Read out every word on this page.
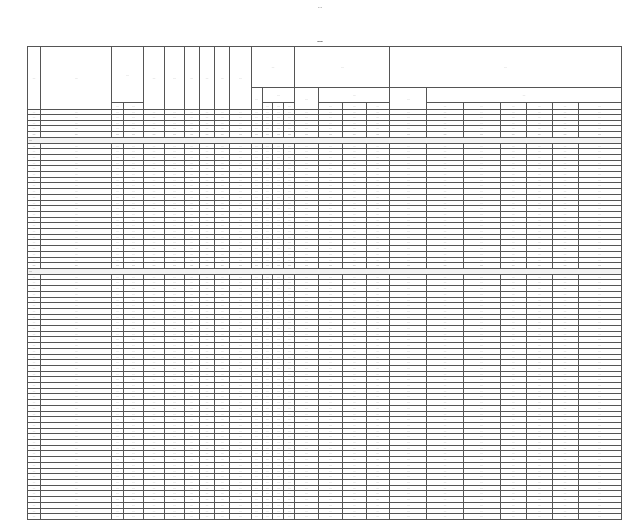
…
…
…	…	…		…	…	…	…	…	…	…				…				…						
										…	…			…	…			…	…					
		…	…								…	…	…		…	…	…		…	…	…	…	…	…
…	…	…	…	…	…	…	…	…	…	…	…	…	…	…	…	…	…	…	…	…	…	…	…	…
…	…	…	…	…	…	…	…	…	…	…	…	…	…	…	…	…	…	…	…	…	…	…	…	…
…	…	…	…	…	…	…	…	…	…	…	…	…	…	…	…	…	…	…	…	…	…	…	…	…
…	…	…	…	…	…	…	…	…	…	…	…	…	…	…	…	…	…	…	…	…	…	…	…	…
…	…	…	…	…	…	…	…	…	…	…	…	…	…	…	…	…	…	…	…	…	…	…	…	…
…																								
…	…	…	…	…	…	…	…	…	…	…	…	…	…	…	…	…	…	…	…	…	…	…	…	…
…	…	…	…	…	…	…	…	…	…	…	…	…	…	…	…	…	…	…	…	…	…	…	…	…
…	…	…	…	…	…	…	…	…	…	…	…	…	…	…	…	…	…	…	…	…	…	…	…	…
…	…	…	…	…	…	…	…	…	…	…	…	…	…	…	…	…	…	…	…	…	…	…	…	…
…	…	…	…	…	…	…	…	…	…	…	…	…	…	…	…	…	…	…	…	…	…	…	…	…
…	…	…	…	…	…	…	…	…	…	…	…	…	…	…	…	…	…	…	…	…	…	…	…	…
…	…	…	…	…	…	…	…	…	…	…	…	…	…	…	…	…	…	…	…	…	…	…	…	…
…	…	…	…	…	…	…	…	…	…	…	…	…	…	…	…	…	…	…	…	…	…	…	…	…
…	…	…	…	…	…	…	…	…	…	…	…	…	…	…	…	…	…	…	…	…	…	…	…	…
…	…	…	…	…	…	…	…	…	…	…	…	…	…	…	…	…	…	…	…	…	…	…	…	…
…	…	…	…	…	…	…	…	…	…	…	…	…	…	…	…	…	…	…	…	…	…	…	…	…
…	…	…	…	…	…	…	…	…	…	…	…	…	…	…	…	…	…	…	…	…	…	…	…	…
…	…	…	…	…	…	…	…	…	…	…	…	…	…	…	…	…	…	…	…	…	…	…	…	…
…	…	…	…	…	…	…	…	…	…	…	…	…	…	…	…	…	…	…	…	…	…	…	…	…
…	…	…	…	…	…	…	…	…	…	…	…	…	…	…	…	…	…	…	…	…	…	…	…	…
…	…	…	…	…	…	…	…	…	…	…	…	…	…	…	…	…	…	…	…	…	…	…	…	…
…	…	…	…	…	…	…	…	…	…	…	…	…	…	…	…	…	…	…	…	…	…	…	…	…
…	…	…	…	…	…	…	…	…	…	…	…	…	…	…	…	…	…	…	…	…	…	…	…	…
…	…	…	…	…	…	…	…	…	…	…	…	…	…	…	…	…	…	…	…	…	…	…	…	…
…	…	…	…	…	…	…	…	…	…	…	…	…	…	…	…	…	…	…	…	…	…	…	…	…
…	…	…	…	…	…	…	…	…	…	…	…	…	…	…	…	…	…	…	…	…	…	…	…	…
…	…	…	…	…	…	…	…	…	…	…	…	…	…	…	…	…	…	…	…	…	…	…	…	…
…																								
…	…	…	…	…	…	…	…	…	…	…	…	…	…	…	…	…	…	…	…	…	…	…	…	…
…	…	…	…	…	…	…	…	…	…	…	…	…	…	…	…	…	…	…	…	…	…	…	…	…
…	…	…	…	…	…	…	…	…	…	…	…	…	…	…	…	…	…	…	…	…	…	…	…	…
…	…	…	…	…	…	…	…	…	…	…	…	…	…	…	…	…	…	…	…	…	…	…	…	…
…	…	…	…	…	…	…	…	…	…	…	…	…	…	…	…	…	…	…	…	…	…	…	…	…
…	…	…	…	…	…	…	…	…	…	…	…	…	…	…	…	…	…	…	…	…	…	…	…	…
…	…	…	…	…	…	…	…	…	…	…	…	…	…	…	…	…	…	…	…	…	…	…	…	…
…	…	…	…	…	…	…	…	…	…	…	…	…	…	…	…	…	…	…	…	…	…	…	…	…
…	…	…	…	…	…	…	…	…	…	…	…	…	…	…	…	…	…	…	…	…	…	…	…	…
…	…	…	…	…	…	…	…	…	…	…	…	…	…	…	…	…	…	…	…	…	…	…	…	…
…	…	…	…	…	…	…	…	…	…	…	…	…	…	…	…	…	…	…	…	…	…	…	…	…
…	…	…	…	…	…	…	…	…	…	…	…	…	…	…	…	…	…	…	…	…	…	…	…	…
…	…	…	…	…	…	…	…	…	…	…	…	…	…	…	…	…	…	…	…	…	…	…	…	…
…	…	…	…	…	…	…	…	…	…	…	…	…	…	…	…	…	…	…	…	…	…	…	…	…
…	…	…	…	…	…	…	…	…	…	…	…	…	…	…	…	…	…	…	…	…	…	…	…	…
…	…	…	…	…	…	…	…	…	…	…	…	…	…	…	…	…	…	…	…	…	…	…	…	…
…	…	…	…	…	…	…	…	…	…	…	…	…	…	…	…	…	…	…	…	…	…	…	…	…
…	…	…	…	…	…	…	…	…	…	…	…	…	…	…	…	…	…	…	…	…	…	…	…	…
…	…	…	…	…	…	…	…	…	…	…	…	…	…	…	…	…	…	…	…	…	…	…	…	…
…	…	…	…	…	…	…	…	…	…	…	…	…	…	…	…	…	…	…	…	…	…	…	…	…
…	…	…	…	…	…	…	…	…	…	…	…	…	…	…	…	…	…	…	…	…	…	…	…	…
…	…	…	…	…	…	…	…	…	…	…	…	…	…	…	…	…	…	…	…	…	…	…	…	…
…	…	…	…	…	…	…	…	…	…	…	…	…	…	…	…	…	…	…	…	…	…	…	…	…
…	…	…	…	…	…	…	…	…	…	…	…	…	…	…	…	…	…	…	…	…	…	…	…	…
…	…	…	…	…	…	…	…	…	…	…	…	…	…	…	…	…	…	…	…	…	…	…	…	…
…	…	…	…	…	…	…	…	…	…	…	…	…	…	…	…	…	…	…	…	…	…	…	…	…
…	…	…	…	…	…	…	…	…	…	…	…	…	…	…	…	…	…	…	…	…	…	…	…	…
…	…	…	…	…	…	…	…	…	…	…	…	…	…	…	…	…	…	…	…	…	…	…	…	…
…	…	…	…	…	…	…	…	…	…	…	…	…	…	…	…	…	…	…	…	…	…	…	…	…
…	…	…	…	…	…	…	…	…	…	…	…	…	…	…	…	…	…	…	…	…	…	…	…	…
…	…	…	…	…	…	…	…	…	…	…	…	…	…	…	…	…	…	…	…	…	…	…	…	…
…	…	…	…	…	…	…	…	…	…	…	…	…	…	…	…	…	…	…	…	…	…	…	…	…
…	…	…	…	…	…	…	…	…	…	…	…	…	…	…	…	…	…	…	…	…	…	…	…	…
…	…	…	…	…	…	…	…	…	…	…	…	…	…	…	…	…	…	…	…	…	…	…	…	…
…	…	…	…	…	…	…	…	…	…	…	…	…	…	…	…	…	…	…	…	…	…	…	…	…
…	…	…	…	…	…	…	…	…	…	…	…	…	…	…	…	…	…	…	…	…	…	…	…	…
…	…	…	…	…	…	…	…	…	…	…	…	…	…	…	…	…	…	…	…	…	…	…	…	…
…	…	…	…	…	…	…	…	…	…	…	…	…	…	…	…	…	…	…	…	…	…	…	…	…
…	…	…	…	…	…	…	…	…	…	…	…	…	…	…	…	…	…	…	…	…	…	…	…	…
…	…	…	…	…	…	…	…	…	…	…	…	…	…	…	…	…	…	…	…	…	…	…	…	…
…	…	…	…	…	…	…	…	…	…	…	…	…	…	…	…	…	…	…	…	…	…	…	…	…
…	…	…	…	…	…	…	…	…	…	…	…	…	…	…	…	…	…	…	…	…	…	…	…	…
…	…	…	…	…	…	…	…	…	…	…	…	…	…	…	…	…	…	…	…	…	…	…	…	…
